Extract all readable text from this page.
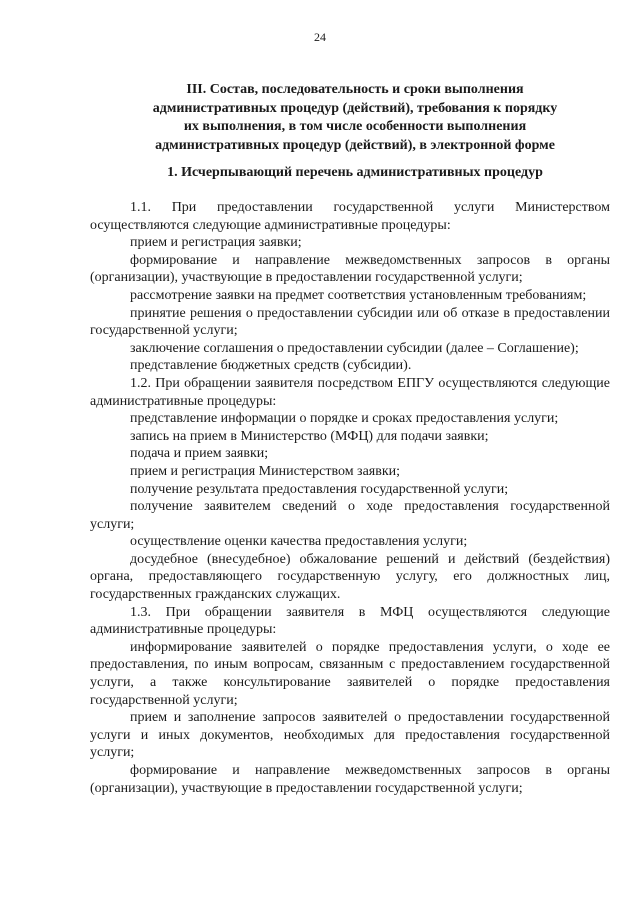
24
III. Состав, последовательность и сроки выполнения
административных процедур (действий), требования к порядку
их выполнения, в том числе особенности выполнения
административных процедур (действий), в электронной форме
1. Исчерпывающий перечень административных процедур

1.1. При предоставлении государственной услуги Министерством осуществляются следующие административные процедуры:

прием и регистрация заявки;

формирование и направление межведомственных запросов в органы (организации), участвующие в предоставлении государственной услуги;

рассмотрение заявки на предмет соответствия установленным требованиям;

принятие решения о предоставлении субсидии или об отказе в предоставлении государственной услуги;

заключение соглашения о предоставлении субсидии (далее – Соглашение);

представление бюджетных средств (субсидии).

1.2. При обращении заявителя посредством ЕПГУ осуществляются следующие административные процедуры:

представление информации о порядке и сроках предоставления услуги;

запись на прием в Министерство (МФЦ) для подачи заявки;

подача и прием заявки;

прием и регистрация Министерством заявки;

получение результата предоставления государственной услуги;

получение заявителем сведений о ходе предоставления государственной услуги;

осуществление оценки качества предоставления услуги;

досудебное (внесудебное) обжалование решений и действий (бездействия) органа, предоставляющего государственную услугу, его должностных лиц, государственных гражданских служащих.

1.3. При обращении заявителя в МФЦ осуществляются следующие административные процедуры:

информирование заявителей о порядке предоставления услуги, о ходе ее предоставления, по иным вопросам, связанным с предоставлением государственной услуги, а также консультирование заявителей о порядке предоставления государственной услуги;

прием и заполнение запросов заявителей о предоставлении государственной услуги и иных документов, необходимых для предоставления государственной услуги;

формирование и направление межведомственных запросов в органы (организации), участвующие в предоставлении государственной услуги;
